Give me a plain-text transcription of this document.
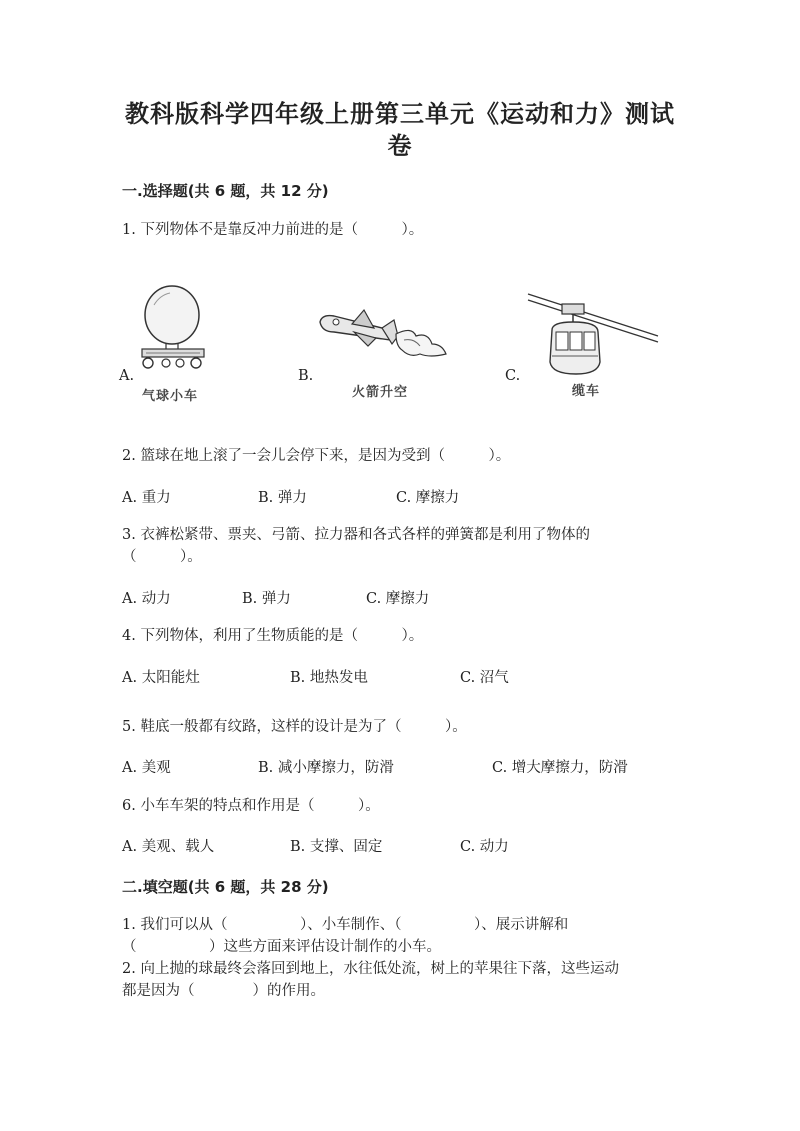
教科版科学四年级上册第三单元《运动和力》测试
卷
一.选择题(共 6 题，共 12 分)
1. 下列物体不是靠反冲力前进的是（　　　）。
A.
气球小车
B.
火箭升空
C.
缆车
2. 篮球在地上滚了一会儿会停下来，是因为受到（　　　）。
A. 重力	B. 弹力	C. 摩擦力
3. 衣裤松紧带、票夹、弓箭、拉力器和各式各样的弹簧都是利用了物体的
（　　　）。
A. 动力	B. 弹力	C. 摩擦力
4. 下列物体，利用了生物质能的是（　　　）。
A. 太阳能灶	B. 地热发电	C. 沼气
5. 鞋底一般都有纹路，这样的设计是为了（　　　）。
A. 美观	B. 减小摩擦力，防滑	C. 增大摩擦力，防滑
6. 小车车架的特点和作用是（　　　）。
A. 美观、载人	B. 支撑、固定	C. 动力
二.填空题(共 6 题，共 28 分)
1. 我们可以从（　　　　　）、小车制作、（　　　　　）、展示讲解和
（　　　　　）这些方面来评估设计制作的小车。
2. 向上抛的球最终会落回到地上，水往低处流，树上的苹果往下落，这些运动
都是因为（　　　　）的作用。
